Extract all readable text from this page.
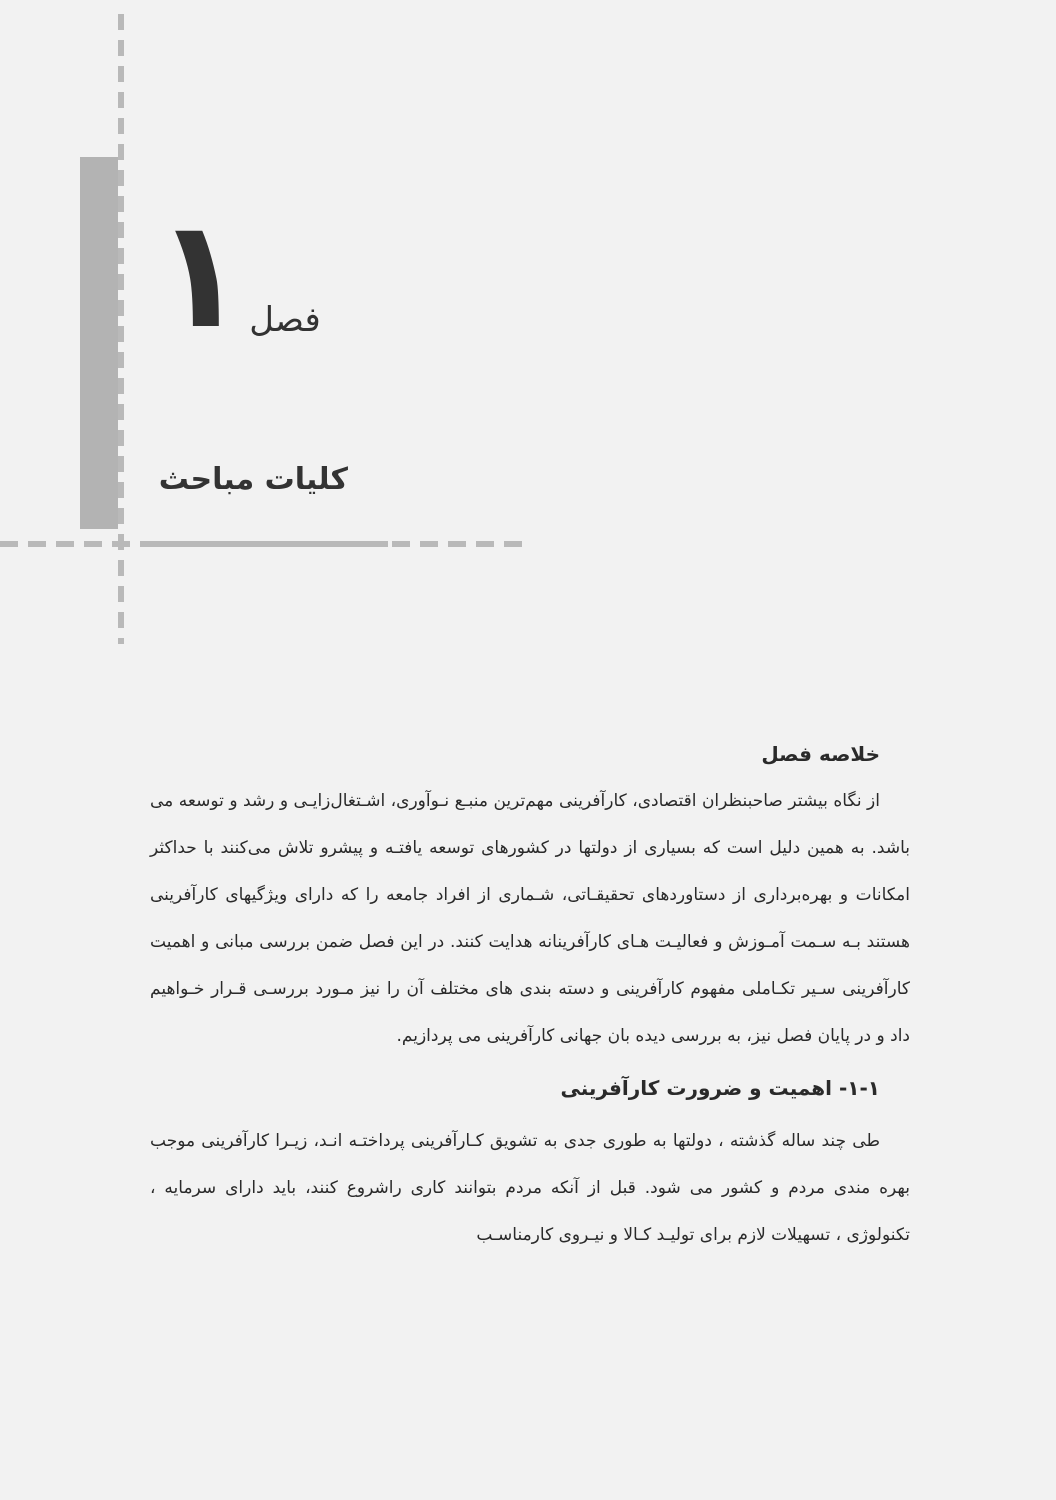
۱ فصل
کلیات مباحث

خلاصه فصل

از نگاه بیشتر صاحبنظران اقتصادی، کارآفرینی مهم‌ترین منبـع نـوآوری، اشـتغال‌زایـی و رشد و توسعه می باشد. به همین دلیل است که بسیاری از دولتها در کشورهای توسعه یافتـه و پیشرو تلاش می‌کنند با حداکثر امکانات و بهره‌برداری از دستاوردهای تحقیقـاتی، شـماری از افراد جامعه را که دارای ویژگیهای کارآفرینی هستند بـه سـمت آمـوزش و فعالیـت هـای کارآفرینانه هدایت کنند. در این فصل ضمن بررسی مبانی و اهمیت کارآفرینی سـیر تکـاملی مفهوم کارآفرینی و دسته بندی های مختلف آن را نیز مـورد بررسـی قـرار خـواهیم داد و در پایان فصل نیز، به بررسی دیده بان جهانی کارآفرینی می پردازیم.

۱-۱- اهمیت و ضرورت کارآفرینی

طی چند ساله گذشته ، دولتها به طوری جدی به تشویق کـارآفرینی پرداختـه انـد، زیـرا کارآفرینی موجب بهره مندی مردم و کشور می شود. قبل از آنکه مردم بتوانند کاری راشروع کنند، باید دارای سرمایه ، تکنولوژی ، تسهیلات لازم برای تولیـد کـالا و نیـروی کارمناسـب
